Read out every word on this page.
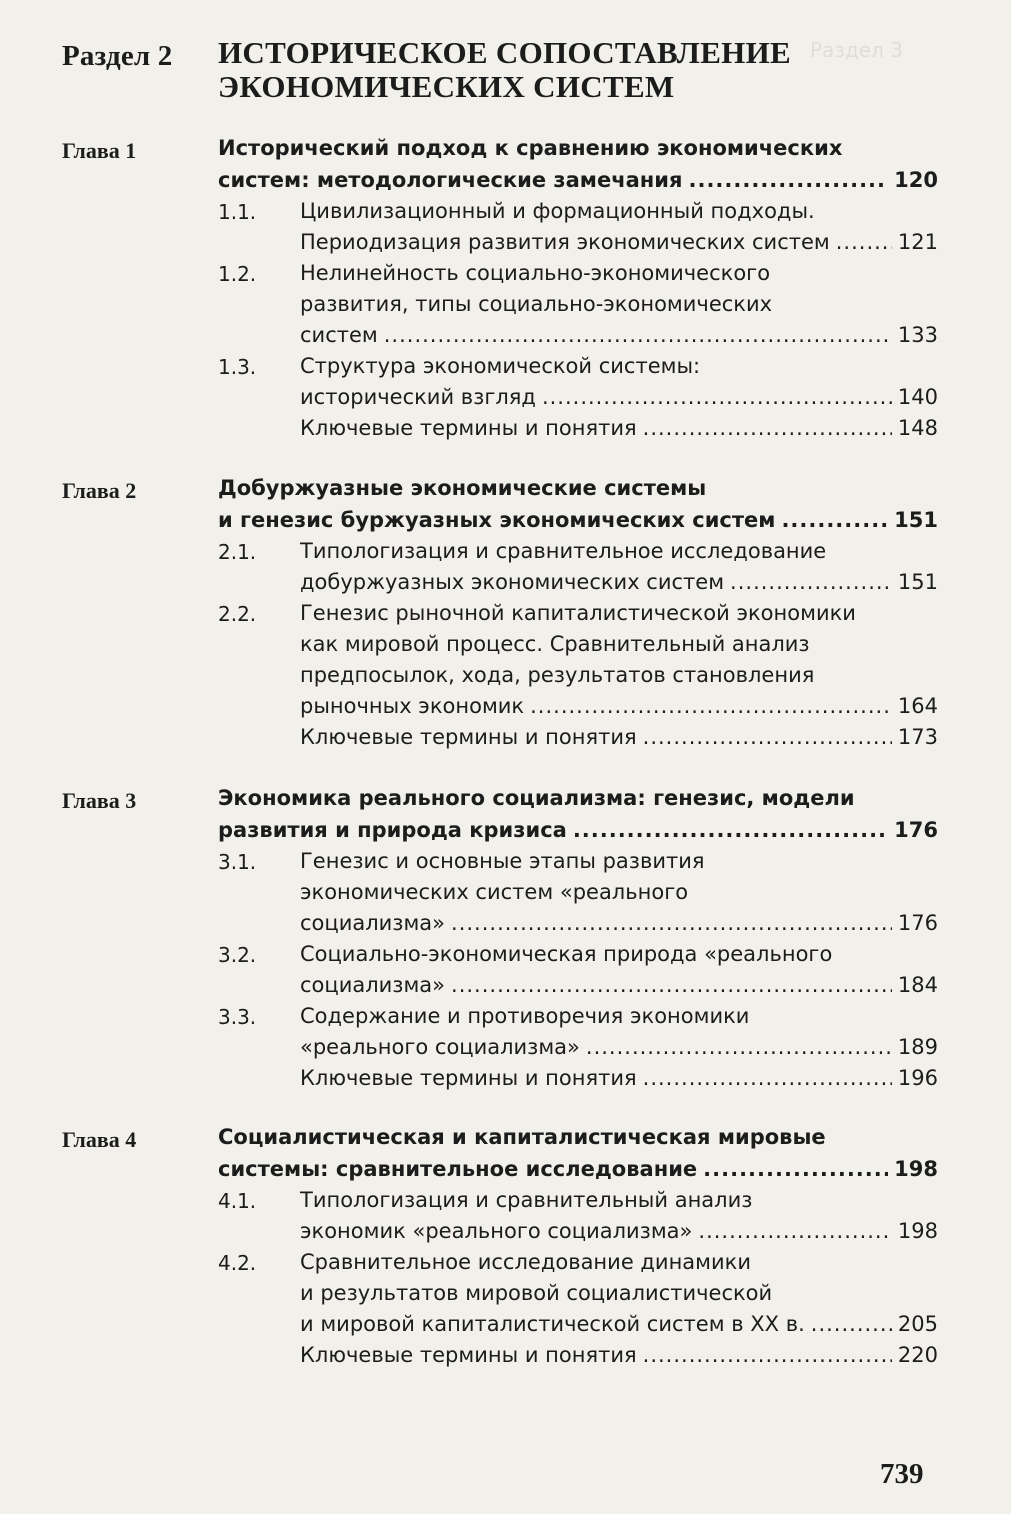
Раздел 3
Раздел 2 ИСТОРИЧЕСКОЕ СОПОСТАВЛЕНИЕ
ЭКОНОМИЧЕСКИХ СИСТЕМ
Глава 1	Исторический подход к сравнению экономических
систем: методологические замечания .....	120
1.1. Цивилизационный и формационный подходы.
Периодизация развития экономических систем .....	121
1.2. Нелинейность социально-экономического
развития, типы социально-экономических
систем .....	133
1.3. Структура экономической системы:
исторический взгляд .....	140
Ключевые термины и понятия .....	148
Глава 2	Добуржуазные экономические системы
и генезис буржуазных экономических систем .....	151
2.1. Типологизация и сравнительное исследование
добуржуазных экономических систем .....	151
2.2. Генезис рыночной капиталистической экономики
как мировой процесс. Сравнительный анализ
предпосылок, хода, результатов становления
рыночных экономик .....	164
Ключевые термины и понятия .....	173
Глава 3	Экономика реального социализма: генезис, модели
развития и природа кризиса .....	176
3.1. Генезис и основные этапы развития
экономических систем «реального
социализма» .....	176
3.2. Социально-экономическая природа «реального
социализма» .....	184
3.3. Содержание и противоречия экономики
«реального социализма» .....	189
Ключевые термины и понятия .....	196
Глава 4	Социалистическая и капиталистическая мировые
системы: сравнительное исследование .....	198
4.1. Типологизация и сравнительный анализ
экономик «реального социализма» .....	198
4.2. Сравнительное исследование динамики
и результатов мировой социалистической
и мировой капиталистической систем в XX в. .....	205
Ключевые термины и понятия .....	220
739
